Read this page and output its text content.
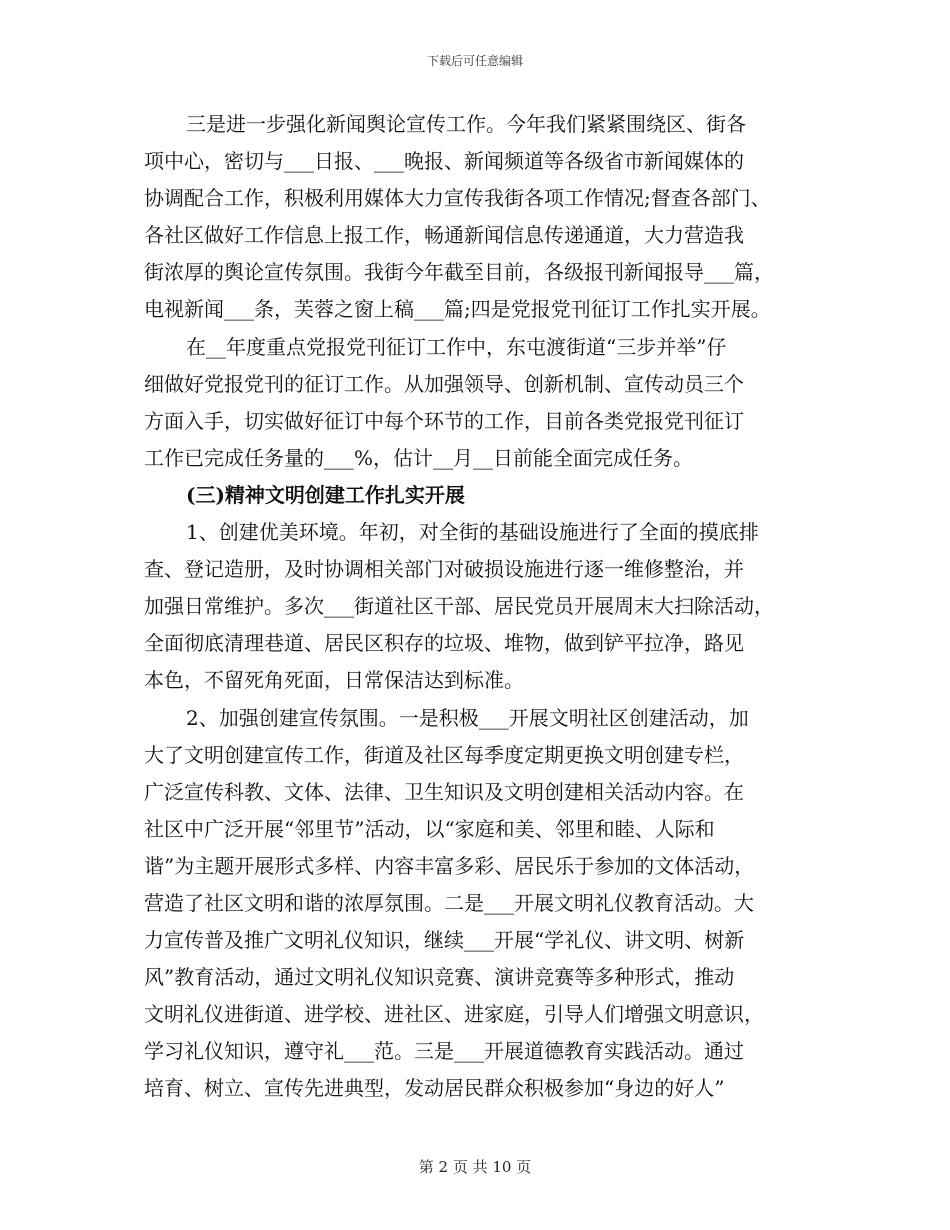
下载后可任意编辑
三是进一步强化新闻舆论宣传工作。今年我们紧紧围绕区、街各
项中心，密切与___日报、___晚报、新闻频道等各级省市新闻媒体的
协调配合工作，积极利用媒体大力宣传我街各项工作情况;督查各部门、
各社区做好工作信息上报工作，畅通新闻信息传递通道，大力营造我
街浓厚的舆论宣传氛围。我街今年截至目前，各级报刊新闻报导___篇，
电视新闻___条，芙蓉之窗上稿___篇;四是党报党刊征订工作扎实开展。
在__年度重点党报党刊征订工作中，东屯渡街道“三步并举”仔
细做好党报党刊的征订工作。从加强领导、创新机制、宣传动员三个
方面入手，切实做好征订中每个环节的工作，目前各类党报党刊征订
工作已完成任务量的___%，估计__月__日前能全面完成任务。
(三)精神文明创建工作扎实开展
1、创建优美环境。年初，对全街的基础设施进行了全面的摸底排
查、登记造册，及时协调相关部门对破损设施进行逐一维修整治，并
加强日常维护。多次___街道社区干部、居民党员开展周末大扫除活动，
全面彻底清理巷道、居民区积存的垃圾、堆物，做到铲平拉净，路见
本色，不留死角死面，日常保洁达到标准。
2、加强创建宣传氛围。一是积极___开展文明社区创建活动，加
大了文明创建宣传工作，街道及社区每季度定期更换文明创建专栏，
广泛宣传科教、文体、法律、卫生知识及文明创建相关活动内容。在
社区中广泛开展“邻里节”活动，以“家庭和美、邻里和睦、人际和
谐”为主题开展形式多样、内容丰富多彩、居民乐于参加的文体活动，
营造了社区文明和谐的浓厚氛围。二是___开展文明礼仪教育活动。大
力宣传普及推广文明礼仪知识，继续___开展“学礼仪、讲文明、树新
风”教育活动，通过文明礼仪知识竞赛、演讲竞赛等多种形式，推动
文明礼仪进街道、进学校、进社区、进家庭，引导人们增强文明意识，
学习礼仪知识，遵守礼___范。三是___开展道德教育实践活动。通过
培育、树立、宣传先进典型，发动居民群众积极参加“身边的好人”
第 2 页 共 10 页
